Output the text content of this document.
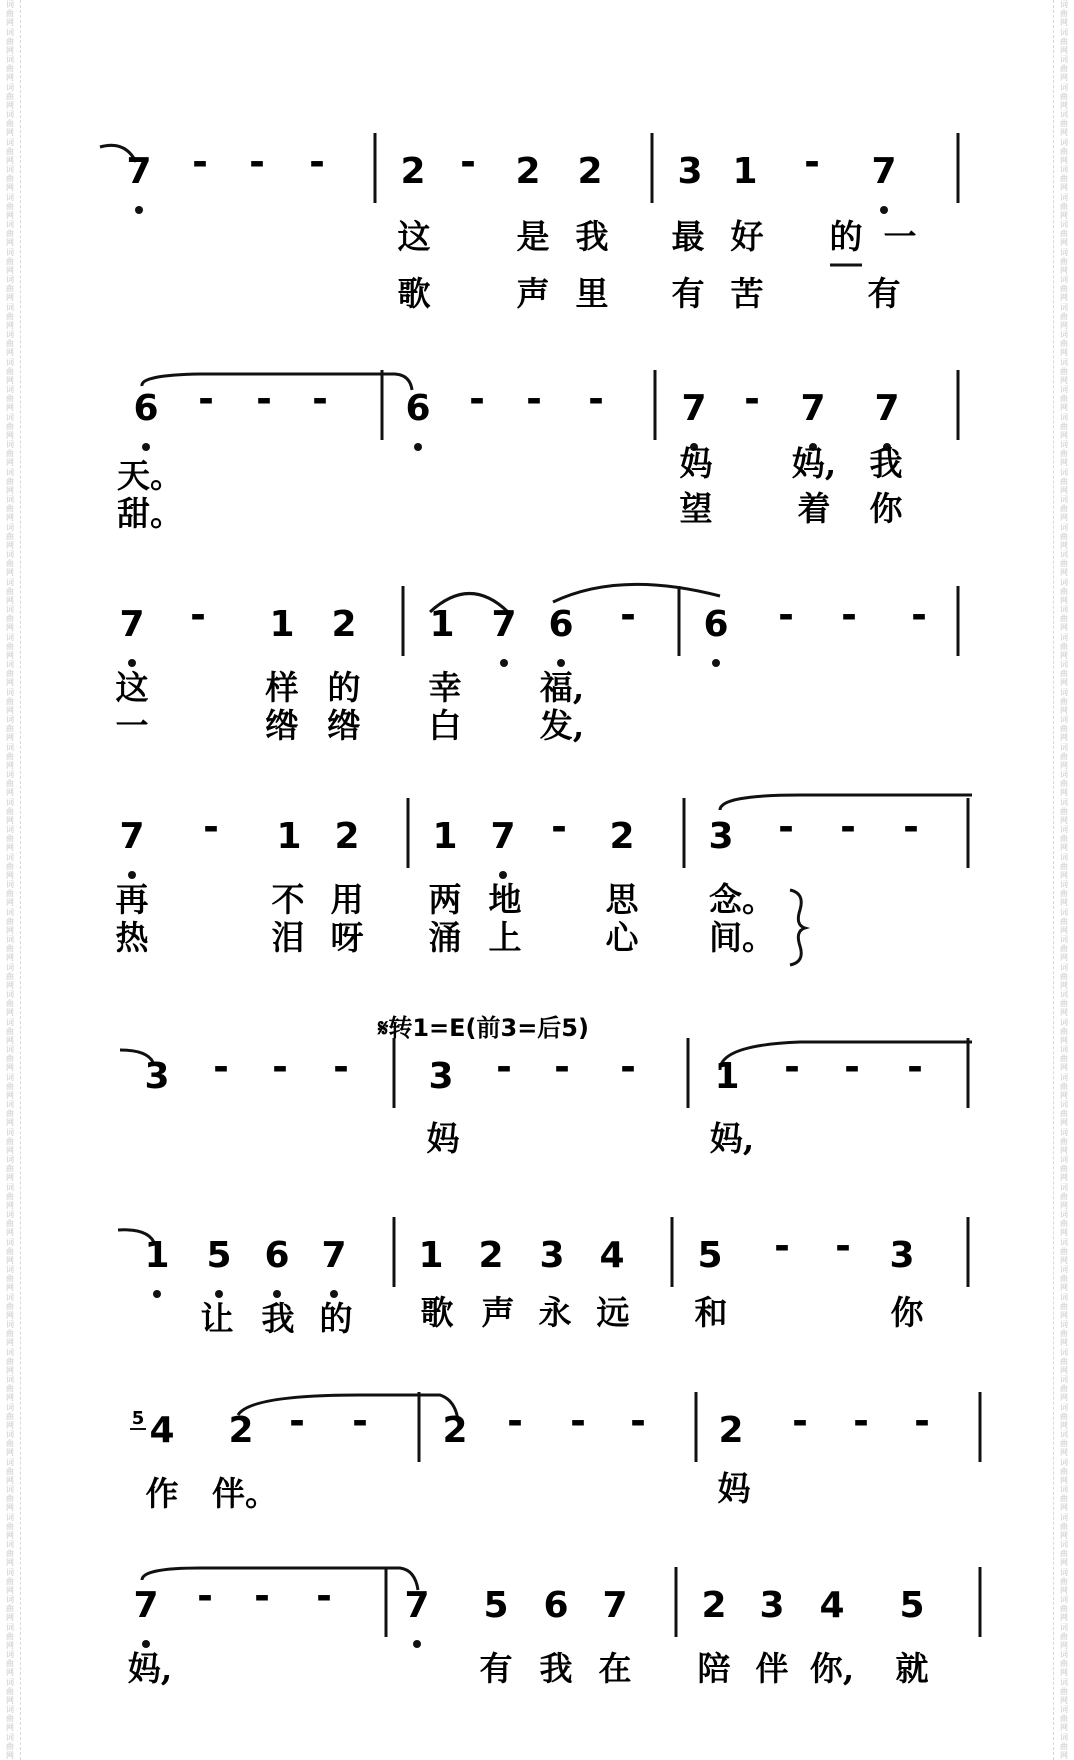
词曲网
词曲网
词曲网
词曲网
词曲网
词曲网
词曲网
词曲网
词曲网
词曲网
词曲网
词曲网
词曲网
词曲网
词曲网
词曲网
词曲网
词曲网
词曲网
词曲网
词曲网
词曲网
词曲网
词曲网
词曲网
词曲网
词曲网
词曲网
词曲网
词曲网
词曲网
词曲网
词曲网
词曲网
词曲网
词曲网
词曲网
词曲网
词曲网
词曲网
词曲网
词曲网
词曲网
词曲网
词曲网
词曲网
词曲网
词曲网
词曲网
词曲网
词曲网
词曲网
词曲网
词曲网
词曲网
词曲网
词曲网
词曲网
词曲网
词曲网
词曲网
词曲网
词曲网
词曲网
词曲网
词曲网
词曲网
词曲网
词曲网
词曲网
词曲网
词曲网
词曲网
词曲网
词曲网
词曲网
词曲网
词曲网
词曲网
词曲网
词曲网
词曲网
词曲网
词曲网
词曲网
词曲网
词曲网
词曲网
词曲网
词曲网
词曲网
词曲网
词曲网
词曲网
词曲网
词曲网
词曲网
词曲网
词曲网
词曲网
词曲网
词曲网
词曲网
词曲网
词曲网
词曲网
词曲网
词曲网
词曲网
词曲网
词曲网
词曲网
词曲网
词曲网
词曲网
词曲网
词曲网
词曲网
词曲网
词曲网
词曲网
词曲网
词曲网
词曲网
词曲网
词曲网
词曲网
词曲网
7 - - - 2 - 2 2 3 1 - 7
这	是 我 最 好 的 一
歌	声 里 有 苦	有
6 - - - 6 - - - 7 - 7 7
天。	妈 妈, 我
甜。	望	着 你
7 - 1 2 1 7 6 - 6 - - -
这	样 的 幸 福,
一	绺 绺 白 发,
7 - 1 2 1 7 - 2 3 - - -
再	不 用 两 地	思 念。
热	泪 呀 涌 上	心 间。
3 - - - 3 - - - 1 - - -
妈	妈,
𝄋转1=E(前3=后5)
1 5 6 7 1 2 3 4 5 - - 3
让 我 的 歌 声 永 远 和	你
4 2 - - 2 - - - 2 - - -
作 伴。	妈
5
7 - - - 7 5 6 7 2 3 4 5
妈,	有 我 在 陪 伴 你, 就
